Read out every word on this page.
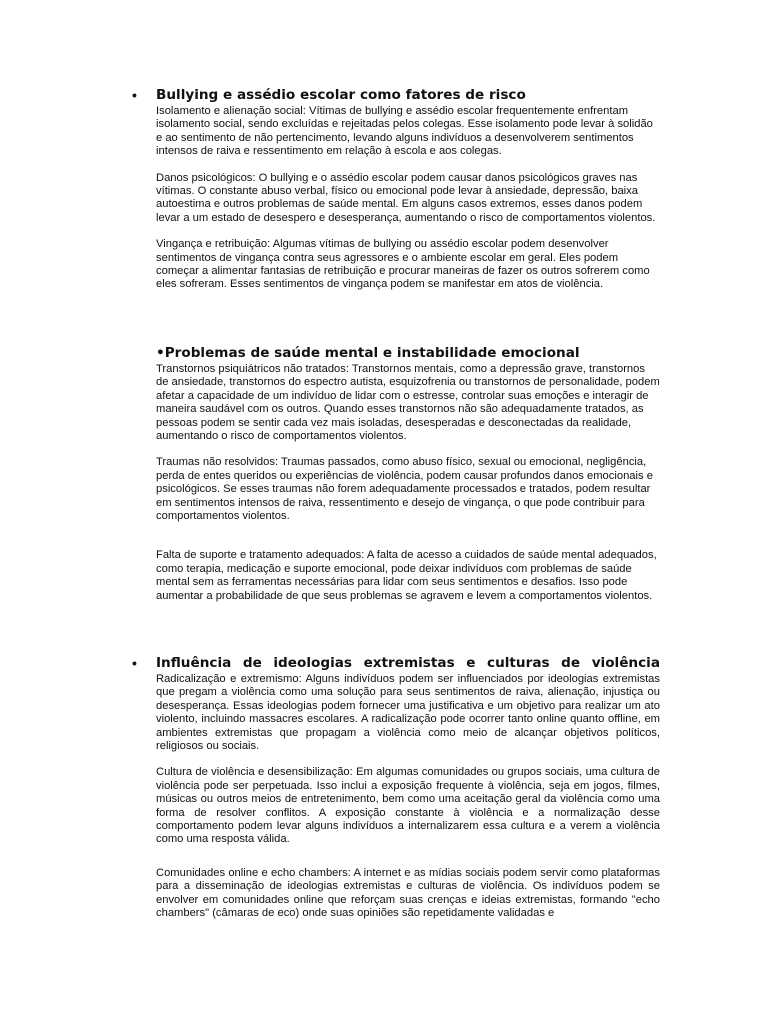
• Bullying e assédio escolar como fatores de risco

Isolamento e alienação social: Vítimas de bullying e assédio escolar frequentemente enfrentam isolamento social, sendo excluídas e rejeitadas pelos colegas. Esse isolamento pode levar à solidão e ao sentimento de não pertencimento, levando alguns indivíduos a desenvolverem sentimentos intensos de raiva e ressentimento em relação à escola e aos colegas.

Danos psicológicos: O bullying e o assédio escolar podem causar danos psicológicos graves nas vítimas. O constante abuso verbal, físico ou emocional pode levar à ansiedade, depressão, baixa autoestima e outros problemas de saúde mental. Em alguns casos extremos, esses danos podem levar a um estado de desespero e desesperança, aumentando o risco de comportamentos violentos.

Vingança e retribuição: Algumas vítimas de bullying ou assédio escolar podem desenvolver sentimentos de vingança contra seus agressores e o ambiente escolar em geral. Eles podem começar a alimentar fantasias de retribuição e procurar maneiras de fazer os outros sofrerem como eles sofreram. Esses sentimentos de vingança podem se manifestar em atos de violência.

•Problemas de saúde mental e instabilidade emocional

Transtornos psiquiátricos não tratados: Transtornos mentais, como a depressão grave, transtornos de ansiedade, transtornos do espectro autista, esquizofrenia ou transtornos de personalidade, podem afetar a capacidade de um indivíduo de lidar com o estresse, controlar suas emoções e interagir de maneira saudável com os outros. Quando esses transtornos não são adequadamente tratados, as pessoas podem se sentir cada vez mais isoladas, desesperadas e desconectadas da realidade, aumentando o risco de comportamentos violentos.

Traumas não resolvidos: Traumas passados, como abuso físico, sexual ou emocional, negligência, perda de entes queridos ou experiências de violência, podem causar profundos danos emocionais e psicológicos. Se esses traumas não forem adequadamente processados e tratados, podem resultar em sentimentos intensos de raiva, ressentimento e desejo de vingança, o que pode contribuir para comportamentos violentos.

Falta de suporte e tratamento adequados: A falta de acesso a cuidados de saúde mental adequados, como terapia, medicação e suporte emocional, pode deixar indivíduos com problemas de saúde mental sem as ferramentas necessárias para lidar com seus sentimentos e desafios. Isso pode aumentar a probabilidade de que seus problemas se agravem e levem a comportamentos violentos.

• Influência de ideologias extremistas e culturas de violência

Radicalização e extremismo: Alguns indivíduos podem ser influenciados por ideologias extremistas que pregam a violência como uma solução para seus sentimentos de raiva, alienação, injustiça ou desesperança. Essas ideologias podem fornecer uma justificativa e um objetivo para realizar um ato violento, incluindo massacres escolares. A radicalização pode ocorrer tanto online quanto offline, em ambientes extremistas que propagam a violência como meio de alcançar objetivos políticos, religiosos ou sociais.

Cultura de violência e desensibilização: Em algumas comunidades ou grupos sociais, uma cultura de violência pode ser perpetuada. Isso inclui a exposição frequente à violência, seja em jogos, filmes, músicas ou outros meios de entretenimento, bem como uma aceitação geral da violência como uma forma de resolver conflitos. A exposição constante à violência e a normalização desse comportamento podem levar alguns indivíduos a internalizarem essa cultura e a verem a violência como uma resposta válida.

Comunidades online e echo chambers: A internet e as mídias sociais podem servir como plataformas para a disseminação de ideologias extremistas e culturas de violência. Os indivíduos podem se envolver em comunidades online que reforçam suas crenças e ideias extremistas, formando "echo chambers" (câmaras de eco) onde suas opiniões são repetidamente validadas e
